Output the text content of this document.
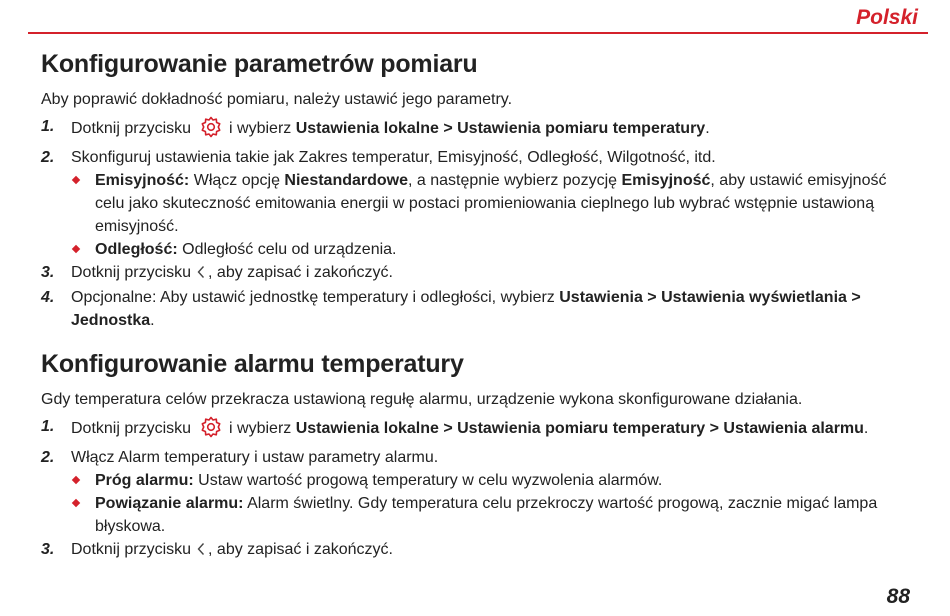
Polski
Konfigurowanie parametrów pomiaru

Aby poprawić dokładność pomiaru, należy ustawić jego parametry.

1. Dotknij przycisku i wybierz Ustawienia lokalne > Ustawienia pomiaru temperatury.
2. Skonfiguruj ustawienia takie jak Zakres temperatur, Emisyjność, Odległość, Wilgotność, itd.
Emisyjność: Włącz opcję Niestandardowe, a następnie wybierz pozycję Emisyjność, aby ustawić emisyjność celu jako skuteczność emitowania energii w postaci promieniowania cieplnego lub wybrać wstępnie ustawioną emisyjność.
Odległość: Odległość celu od urządzenia.
3. Dotknij przycisku , aby zapisać i zakończyć.
4. Opcjonalne: Aby ustawić jednostkę temperatury i odległości, wybierz Ustawienia > Ustawienia wyświetlania > Jednostka.
Konfigurowanie alarmu temperatury

Gdy temperatura celów przekracza ustawioną regułę alarmu, urządzenie wykona skonfigurowane działania.

1. Dotknij przycisku i wybierz Ustawienia lokalne > Ustawienia pomiaru temperatury > Ustawienia alarmu.
2. Włącz Alarm temperatury i ustaw parametry alarmu.
Próg alarmu: Ustaw wartość progową temperatury w celu wyzwolenia alarmów.
Powiązanie alarmu: Alarm świetlny. Gdy temperatura celu przekroczy wartość progową, zacznie migać lampa błyskowa.
3. Dotknij przycisku , aby zapisać i zakończyć.
88
